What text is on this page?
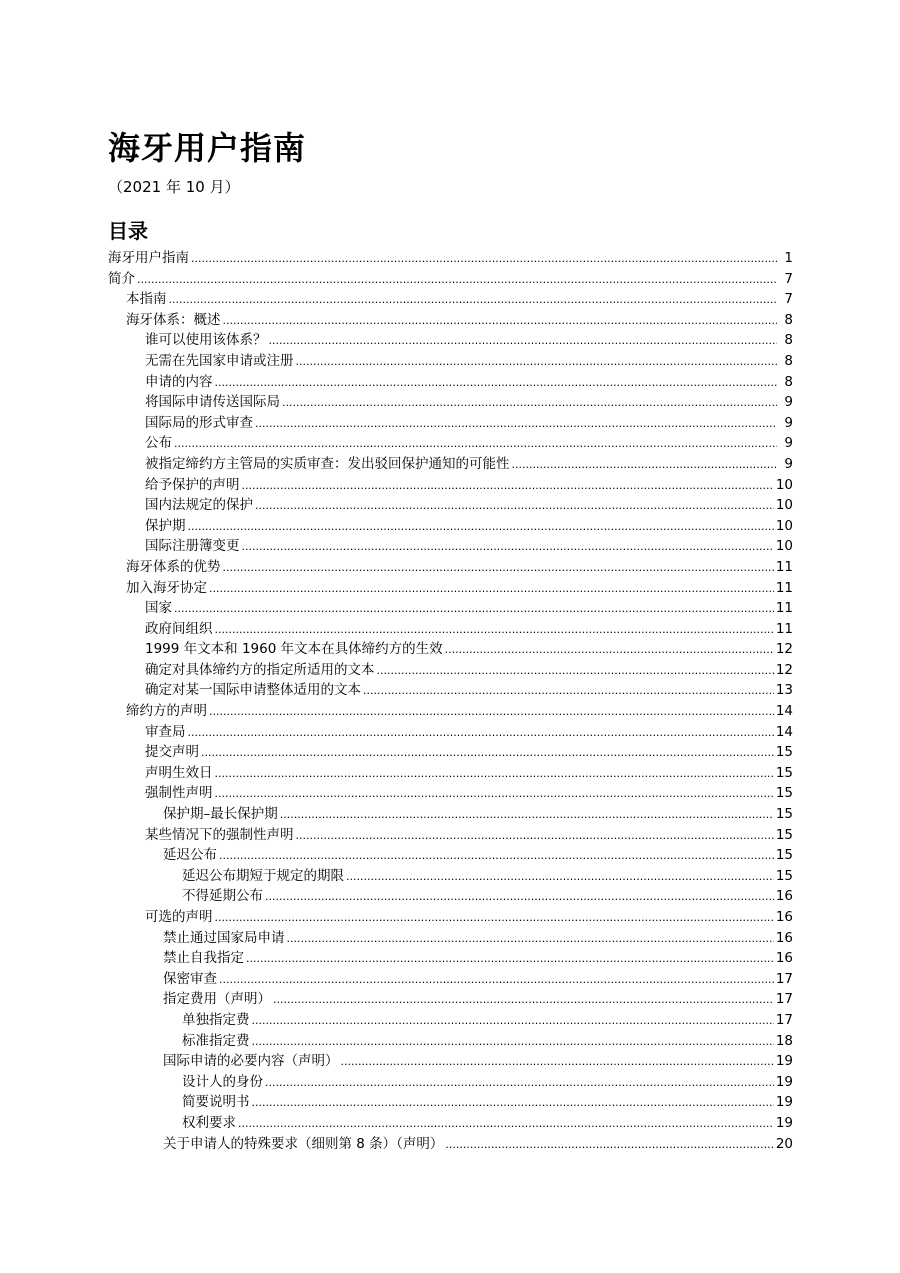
海牙用户指南
（2021 年 10 月）
目录
海牙用户指南 .....	1
简介 .....	7
本指南 .....	7
海牙体系：概述 .....	8
谁可以使用该体系？ .....	8
无需在先国家申请或注册 .....	8
申请的内容 .....	8
将国际申请传送国际局 .....	9
国际局的形式审查 .....	9
公布 .....	9
被指定缔约方主管局的实质审查：发出驳回保护通知的可能性 .....	9
给予保护的声明 .....	10
国内法规定的保护 .....	10
保护期 .....	10
国际注册簿变更 .....	10
海牙体系的优势 .....	11
加入海牙协定 .....	11
国家 .....	11
政府间组织 .....	11
1999 年文本和 1960 年文本在具体缔约方的生效 .....	12
确定对具体缔约方的指定所适用的文本 .....	12
确定对某一国际申请整体适用的文本 .....	13
缔约方的声明 .....	14
审查局 .....	14
提交声明 .....	15
声明生效日 .....	15
强制性声明 .....	15
保护期–最长保护期 .....	15
某些情况下的强制性声明 .....	15
延迟公布 .....	15
延迟公布期短于规定的期限 .....	15
不得延期公布 .....	16
可选的声明 .....	16
禁止通过国家局申请 .....	16
禁止自我指定 .....	16
保密审查 .....	17
指定费用（声明） .....	17
单独指定费 .....	17
标准指定费 .....	18
国际申请的必要内容（声明） .....	19
设计人的身份 .....	19
简要说明书 .....	19
权利要求 .....	19
关于申请人的特殊要求（细则第 8 条）（声明） .....	20
